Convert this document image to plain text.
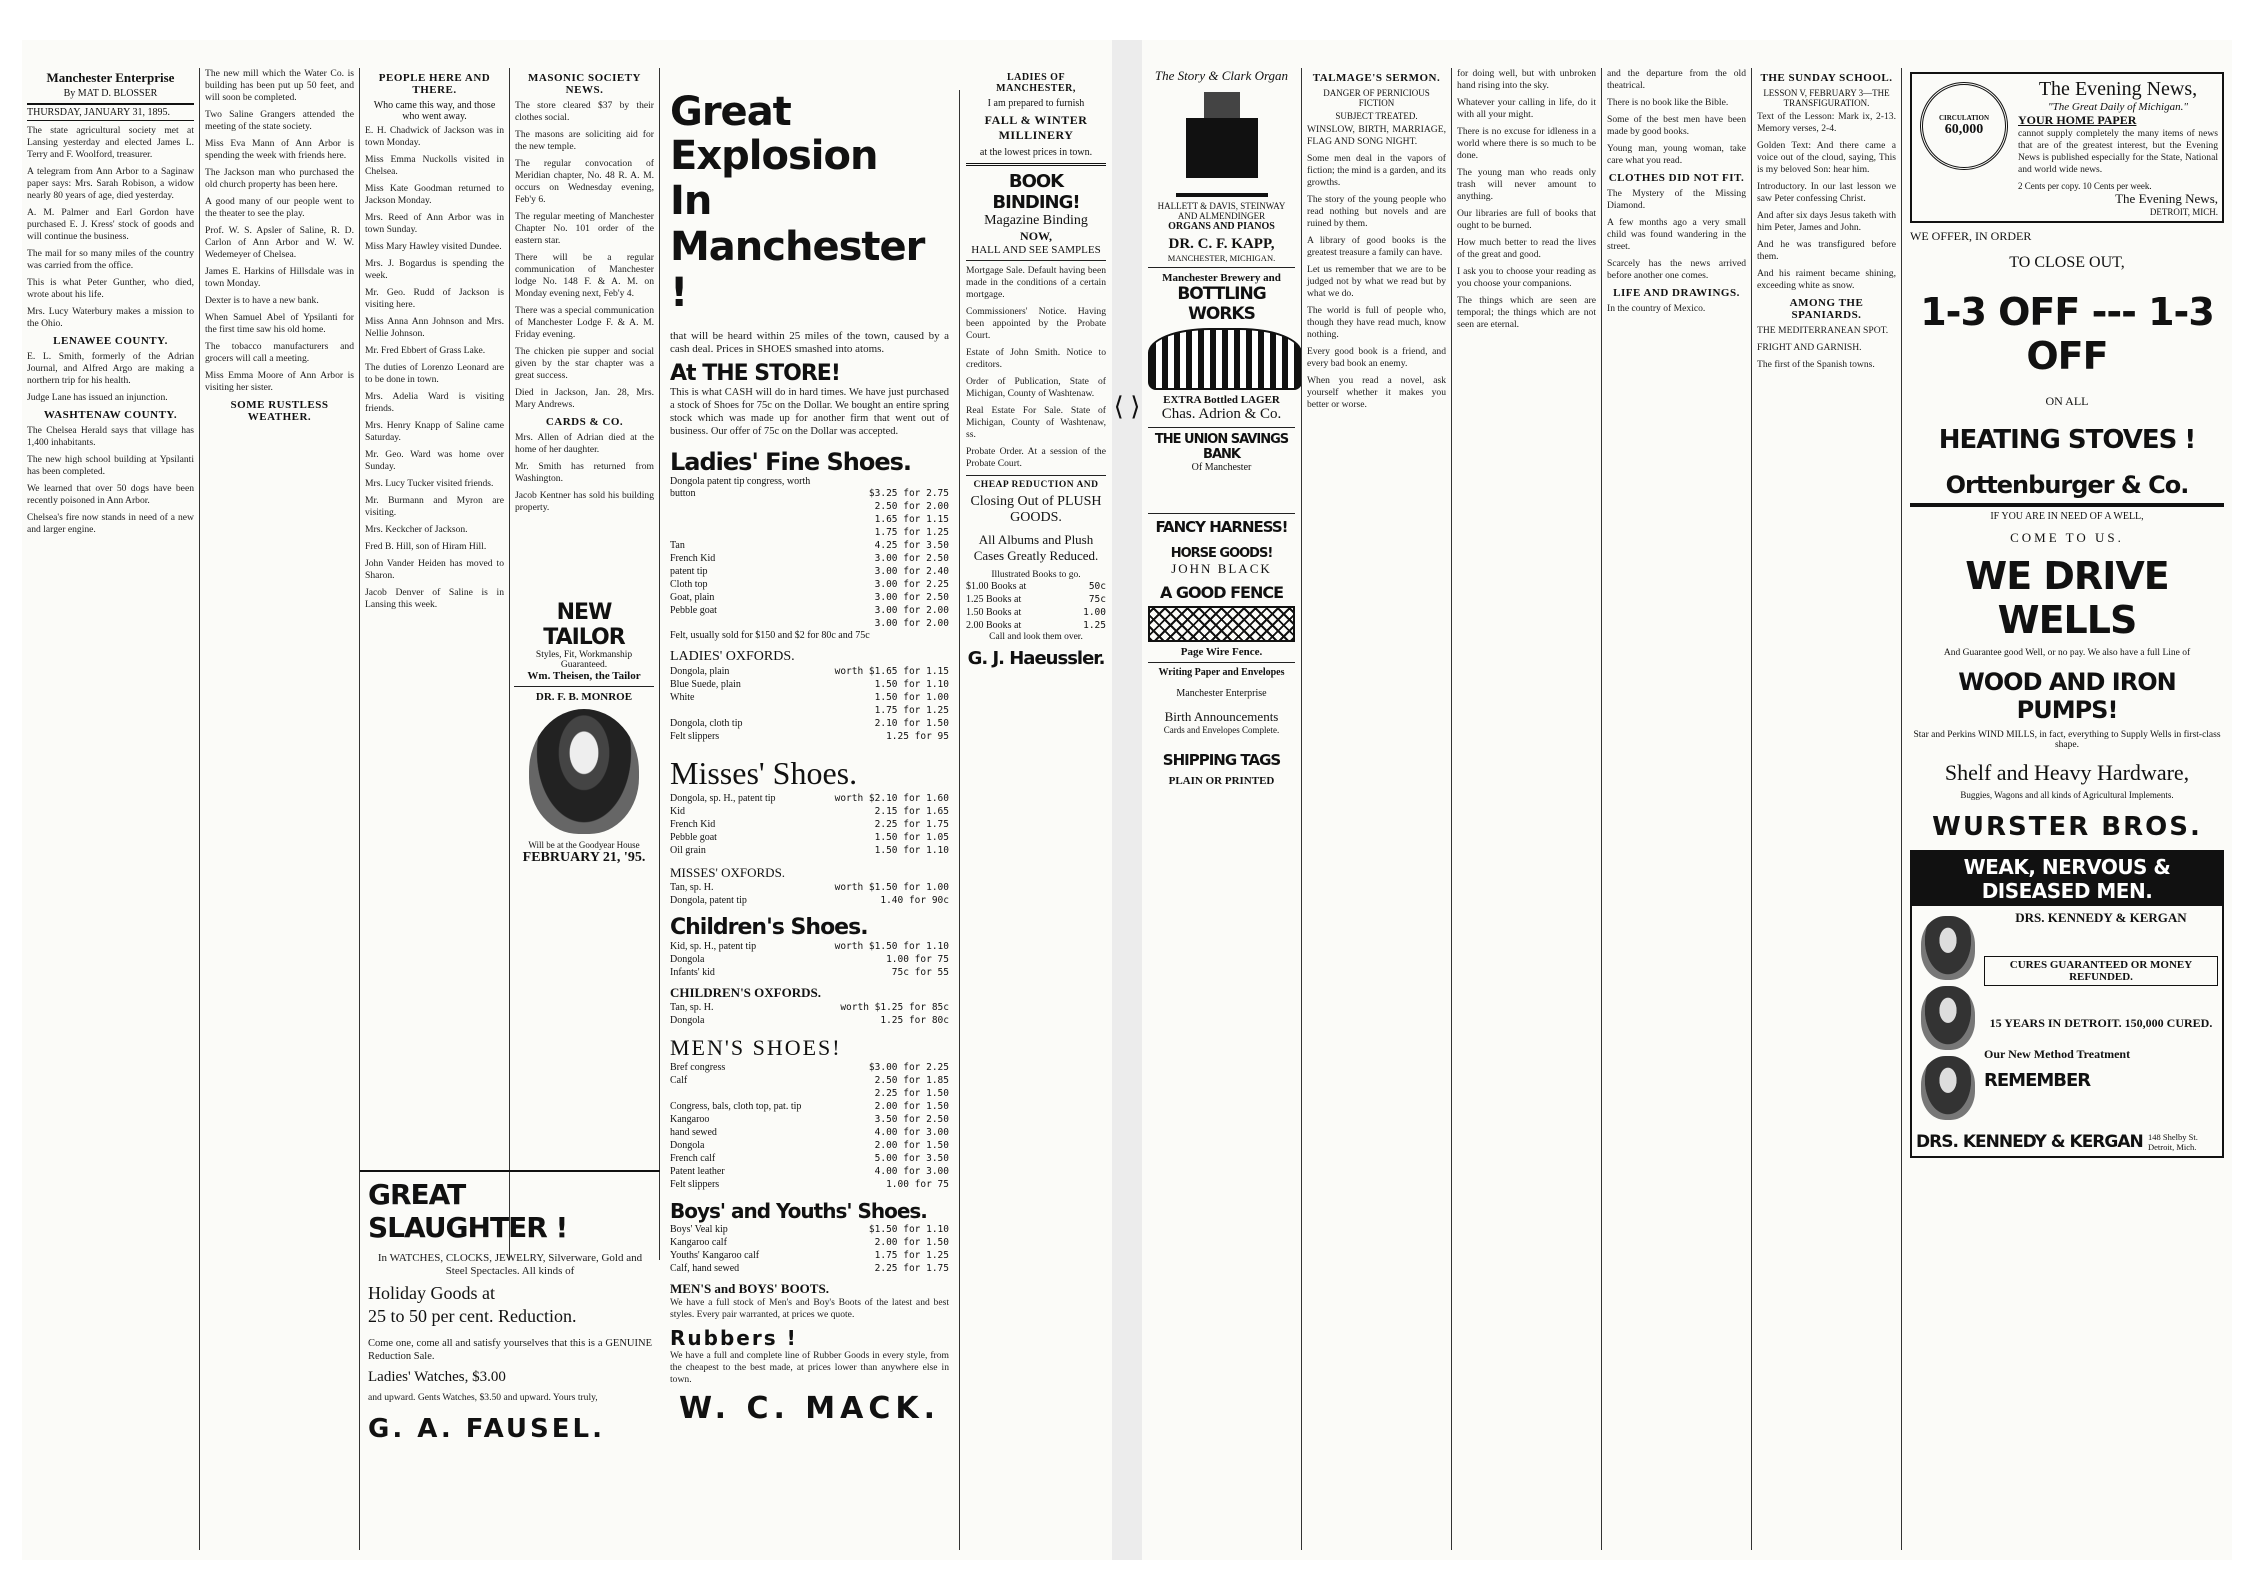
Manchester Enterprise
By MAT D. BLOSSER
THURSDAY, JANUARY 31, 1895.

The state agricultural society met at Lansing yesterday and elected James L. Terry and F. Woolford, treasurer.

A telegram from Ann Arbor to a Saginaw paper says: Mrs. Sarah Robison, a widow nearly 80 years of age, died yesterday.

A. M. Palmer and Earl Gordon have purchased E. J. Kress' stock of goods and will continue the business.

The mail for so many miles of the country was carried from the office.

This is what Peter Gunther, who died, wrote about his life.

Mrs. Lucy Waterbury makes a mission to the Ohio.

LENAWEE COUNTY.

E. L. Smith, formerly of the Adrian Journal, and Alfred Argo are making a northern trip for his health.

Judge Lane has issued an injunction.

WASHTENAW COUNTY.

The Chelsea Herald says that village has 1,400 inhabitants.

The new high school building at Ypsilanti has been completed.

We learned that over 50 dogs have been recently poisoned in Ann Arbor.

Chelsea's fire now stands in need of a new and larger engine.

The new mill which the Water Co. is building has been put up 50 feet, and will soon be completed.

Two Saline Grangers attended the meeting of the state society.

Miss Eva Mann of Ann Arbor is spending the week with friends here.

The Jackson man who purchased the old church property has been here.

A good many of our people went to the theater to see the play.

Prof. W. S. Apsler of Saline, R. D. Carlon of Ann Arbor and W. W. Wedemeyer of Chelsea.

James E. Harkins of Hillsdale was in town Monday.

Dexter is to have a new bank.

When Samuel Abel of Ypsilanti for the first time saw his old home.

The tobacco manufacturers and grocers will call a meeting.

Miss Emma Moore of Ann Arbor is visiting her sister.

SOME RUSTLESS WEATHER.
PEOPLE HERE AND THERE.
Who came this way, and those who went away.

E. H. Chadwick of Jackson was in town Monday.

Miss Emma Nuckolls visited in Chelsea.

Miss Kate Goodman returned to Jackson Monday.

Mrs. Reed of Ann Arbor was in town Sunday.

Miss Mary Hawley visited Dundee.

Mrs. J. Bogardus is spending the week.

Mr. Geo. Rudd of Jackson is visiting here.

Miss Anna Ann Johnson and Mrs. Nellie Johnson.

Mr. Fred Ebbert of Grass Lake.

The duties of Lorenzo Leonard are to be done in town.

Mrs. Adelia Ward is visiting friends.

Mrs. Henry Knapp of Saline came Saturday.

Mr. Geo. Ward was home over Sunday.

Mrs. Lucy Tucker visited friends.

Mr. Burmann and Myron are visiting.

Mrs. Keckcher of Jackson.

Fred B. Hill, son of Hiram Hill.

John Vander Heiden has moved to Sharon.

Jacob Denver of Saline is in Lansing this week.

MASONIC SOCIETY NEWS.

The store cleared $37 by their clothes social.

The masons are soliciting aid for the new temple.

The regular convocation of Meridian chapter, No. 48 R. A. M. occurs on Wednesday evening, Feb'y 6.

The regular meeting of Manchester Chapter No. 101 order of the eastern star.

There will be a regular communication of Manchester lodge No. 148 F. & A. M. on Monday evening next, Feb'y 4.

There was a special communication of Manchester Lodge F. & A. M. Friday evening.

The chicken pie supper and social given by the star chapter was a great success.

Died in Jackson, Jan. 28, Mrs. Mary Andrews.

CARDS & CO.

Mrs. Allen of Adrian died at the home of her daughter.

Mr. Smith has returned from Washington.

Jacob Kentner has sold his building property.

NEW TAILOR
Styles, Fit, Workmanship Guaranteed.
Wm. Theisen, the Tailor
DR. F. B. MONROE
Will be at the Goodyear House
FEBRUARY 21, '95.
GREAT
SLAUGHTER !

In WATCHES, CLOCKS, JEWELRY, Silverware, Gold and Steel Spectacles. All kinds of

Holiday Goods at
25 to 50 per cent. Reduction.

Come one, come all and satisfy yourselves that this is a GENUINE Reduction Sale.

Ladies' Watches, $3.00

and upward. Gents Watches, $3.50 and upward. Yours truly,

G. A. FAUSEL.
Great Explosion
In Manchester !

that will be heard within 25 miles of the town, caused by a cash deal. Prices in SHOES smashed into atoms.

At THE STORE!

This is what CASH will do in hard times. We have just purchased a stock of Shoes for 75c on the Dollar. We bought an entire spring stock which was made up for another firm that went out of business. Our offer of 75c on the Dollar was accepted.

Ladies' Fine Shoes.
Dongola patent tip congress, worth
button	$3.25 for 2.75
2.50 for 2.00
1.65 for 1.15
1.75 for 1.25
Tan	4.25 for 3.50
French Kid	3.00 for 2.50
patent tip	3.00 for 2.40
Cloth top	3.00 for 2.25
Goat, plain	3.00 for 2.50
Pebble goat	3.00 for 2.00
3.00 for 2.00
Felt, usually sold for $150 and $2 for 80c and 75c
LADIES' OXFORDS.
Dongola, plain	worth $1.65 for 1.15
Blue Suede, plain	1.50 for 1.10
White	1.50 for 1.00
1.75 for 1.25
Dongola, cloth tip	2.10 for 1.50
Felt slippers	1.25 for 95
Misses' Shoes.
Dongola, sp. H., patent tip	worth $2.10 for 1.60
Kid	2.15 for 1.65
French Kid	2.25 for 1.75
Pebble goat	1.50 for 1.05
Oil grain	1.50 for 1.10
MISSES' OXFORDS.
Tan, sp. H.	worth $1.50 for 1.00
Dongola, patent tip	1.40 for 90c
Children's Shoes.
Kid, sp. H., patent tip	worth $1.50 for 1.10
Dongola	1.00 for 75
Infants' kid	75c for 55
CHILDREN'S OXFORDS.
Tan, sp. H.	worth $1.25 for 85c
Dongola	1.25 for 80c
MEN'S SHOES!
Bref congress	$3.00 for 2.25
Calf	2.50 for 1.85
2.25 for 1.50
Congress, bals, cloth top, pat. tip	2.00 for 1.50
Kangaroo	3.50 for 2.50
hand sewed	4.00 for 3.00
Dongola	2.00 for 1.50
French calf	5.00 for 3.50
Patent leather	4.00 for 3.00
Felt slippers	1.00 for 75
Boys' and Youths' Shoes.
Boys' Veal kip	$1.50 for 1.10
Kangaroo calf	2.00 for 1.50
Youths' Kangaroo calf	1.75 for 1.25
Calf, hand sewed	2.25 for 1.75
MEN'S and BOYS' BOOTS.

We have a full stock of Men's and Boy's Boots of the latest and best styles. Every pair warranted, at prices we quote.

Rubbers !

We have a full and complete line of Rubber Goods in every style, from the cheapest to the best made, at prices lower than anywhere else in town.

W. C. MACK.
LADIES OF MANCHESTER,
I am prepared to furnish
FALL & WINTER MILLINERY
at the lowest prices in town.
BOOK BINDING!
Magazine Binding
NOW,
HALL AND SEE SAMPLES

Mortgage Sale. Default having been made in the conditions of a certain mortgage.

Commissioners' Notice. Having been appointed by the Probate Court.

Estate of John Smith. Notice to creditors.

Order of Publication, State of Michigan, County of Washtenaw.

Real Estate For Sale. State of Michigan, County of Washtenaw, ss.

Probate Order. At a session of the Probate Court.

CHEAP REDUCTION AND
Closing Out of PLUSH GOODS.
All Albums and Plush Cases Greatly Reduced.
Illustrated Books to go.
$1.00 Books at	50c
1.25 Books at	75c
1.50 Books at	1.00
2.00 Books at	1.25
Call and look them over.
G. J. Haeussler.
⟨ ⟩
The Story & Clark Organ
HALLETT & DAVIS, STEINWAY AND ALMENDINGER
ORGANS AND PIANOS
DR. C. F. KAPP,
MANCHESTER, MICHIGAN.
Manchester Brewery and
BOTTLING WORKS
EXTRA Bottled LAGER
Chas. Adrion & Co.
THE UNION SAVINGS BANK
Of Manchester
FANCY HARNESS!
HORSE GOODS!
JOHN BLACK
A GOOD FENCE
Page Wire Fence.
Writing Paper and Envelopes
Manchester Enterprise
Birth Announcements
Cards and Envelopes Complete.
SHIPPING TAGS
PLAIN OR PRINTED
TALMAGE'S SERMON.
DANGER OF PERNICIOUS FICTION
SUBJECT TREATED.

WINSLOW, BIRTH, MARRIAGE, FLAG AND SONG NIGHT.

Some men deal in the vapors of fiction; the mind is a garden, and its growths.

The story of the young people who read nothing but novels and are ruined by them.

A library of good books is the greatest treasure a family can have.

Let us remember that we are to be judged not by what we read but by what we do.

The world is full of people who, though they have read much, know nothing.

Every good book is a friend, and every bad book an enemy.

When you read a novel, ask yourself whether it makes you better or worse.

for doing well, but with unbroken hand rising into the sky.

Whatever your calling in life, do it with all your might.

There is no excuse for idleness in a world where there is so much to be done.

The young man who reads only trash will never amount to anything.

Our libraries are full of books that ought to be burned.

How much better to read the lives of the great and good.

I ask you to choose your reading as you choose your companions.

The things which are seen are temporal; the things which are not seen are eternal.

and the departure from the old theatrical.

There is no book like the Bible.

Some of the best men have been made by good books.

Young man, young woman, take care what you read.

CLOTHES DID NOT FIT.

The Mystery of the Missing Diamond.

A few months ago a very small child was found wandering in the street.

Scarcely has the news arrived before another one comes.

LIFE AND DRAWINGS.

In the country of Mexico.

THE SUNDAY SCHOOL.
LESSON V, FEBRUARY 3—THE TRANSFIGURATION.

Text of the Lesson: Mark ix, 2-13. Memory verses, 2-4.

Golden Text: And there came a voice out of the cloud, saying, This is my beloved Son: hear him.

Introductory. In our last lesson we saw Peter confessing Christ.

And after six days Jesus taketh with him Peter, James and John.

And he was transfigured before them.

And his raiment became shining, exceeding white as snow.

AMONG THE SPANIARDS.

THE MEDITERRANEAN SPOT.

FRIGHT AND GARNISH.

The first of the Spanish towns.

CIRCULATION
60,000
The Evening News,
"The Great Daily of Michigan."
YOUR HOME PAPER

cannot supply completely the many items of news that are of the greatest interest, but the Evening News is published especially for the State, National and world wide news.

2 Cents per copy. 10 Cents per week.
The Evening News,
DETROIT, MICH.
WE OFFER, IN ORDER
TO CLOSE OUT,
1-3 OFF --- 1-3 OFF
ON ALL
HEATING STOVES !
Orttenburger & Co.
IF YOU ARE IN NEED OF A WELL,
COME TO US.
WE DRIVE WELLS
And Guarantee good Well, or no pay. We also have a full Line of
WOOD AND IRON PUMPS!
Star and Perkins WIND MILLS, in fact, everything to Supply Wells in first-class shape.
Shelf and Heavy Hardware,
Buggies, Wagons and all kinds of Agricultural Implements.
WURSTER BROS.
WEAK, NERVOUS & DISEASED MEN.
DRS. KENNEDY & KERGAN
CURES GUARANTEED OR MONEY REFUNDED.
15 YEARS IN DETROIT. 150,000 CURED.
Our New Method Treatment
REMEMBER
DRS. KENNEDY & KERGAN 148 Shelby St. Detroit, Mich.
